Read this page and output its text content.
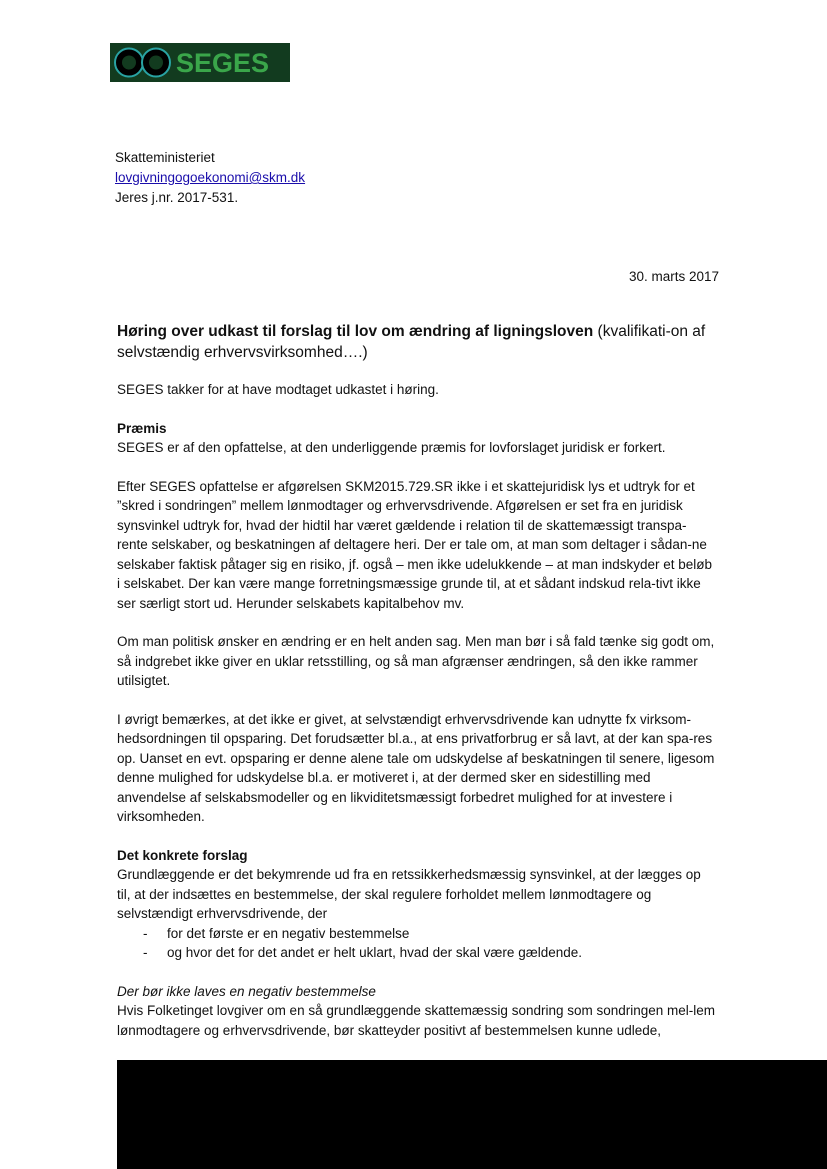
SEGES
Skatteministeriet
lovgivningogoekonomi@skm.dk
Jeres j.nr. 2017-531.
30. marts 2017
Høring over udkast til forslag til lov om ændring af ligningsloven (kvalifikati-on af selvstændig erhvervsvirksomhed….)

SEGES takker for at have modtaget udkastet i høring.

Præmis

SEGES er af den opfattelse, at den underliggende præmis for lovforslaget juridisk er forkert.

Efter SEGES opfattelse er afgørelsen SKM2015.729.SR ikke i et skattejuridisk lys et udtryk for et ”skred i sondringen” mellem lønmodtager og erhvervsdrivende. Afgørelsen er set fra en juridisk synsvinkel udtryk for, hvad der hidtil har været gældende i relation til de skattemæssigt transpa-rente selskaber, og beskatningen af deltagere heri. Der er tale om, at man som deltager i sådan-ne selskaber faktisk påtager sig en risiko, jf. også – men ikke udelukkende – at man indskyder et beløb i selskabet. Der kan være mange forretningsmæssige grunde til, at et sådant indskud rela-tivt ikke ser særligt stort ud. Herunder selskabets kapitalbehov mv.

Om man politisk ønsker en ændring er en helt anden sag. Men man bør i så fald tænke sig godt om, så indgrebet ikke giver en uklar retsstilling, og så man afgrænser ændringen, så den ikke rammer utilsigtet.

I øvrigt bemærkes, at det ikke er givet, at selvstændigt erhvervsdrivende kan udnytte fx virksom-hedsordningen til opsparing. Det forudsætter bl.a., at ens privatforbrug er så lavt, at der kan spa-res op. Uanset en evt. opsparing er denne alene tale om udskydelse af beskatningen til senere, ligesom denne mulighed for udskydelse bl.a. er motiveret i, at der dermed sker en sidestilling med anvendelse af selskabsmodeller og en likviditetsmæssigt forbedret mulighed for at investere i virksomheden.

Det konkrete forslag
Grundlæggende er det bekymrende ud fra en retssikkerhedsmæssig synsvinkel, at der lægges op til, at der indsættes en bestemmelse, der skal regulere forholdet mellem lønmodtagere og selvstændigt erhvervsdrivende, der
- for det første er en negativ bestemmelse
- og hvor det for det andet er helt uklart, hvad der skal være gældende.
Der bør ikke laves en negativ bestemmelse
Hvis Folketinget lovgiver om en så grundlæggende skattemæssig sondring som sondringen mel-lem lønmodtagere og erhvervsdrivende, bør skatteyder positivt af bestemmelsen kunne udlede,
